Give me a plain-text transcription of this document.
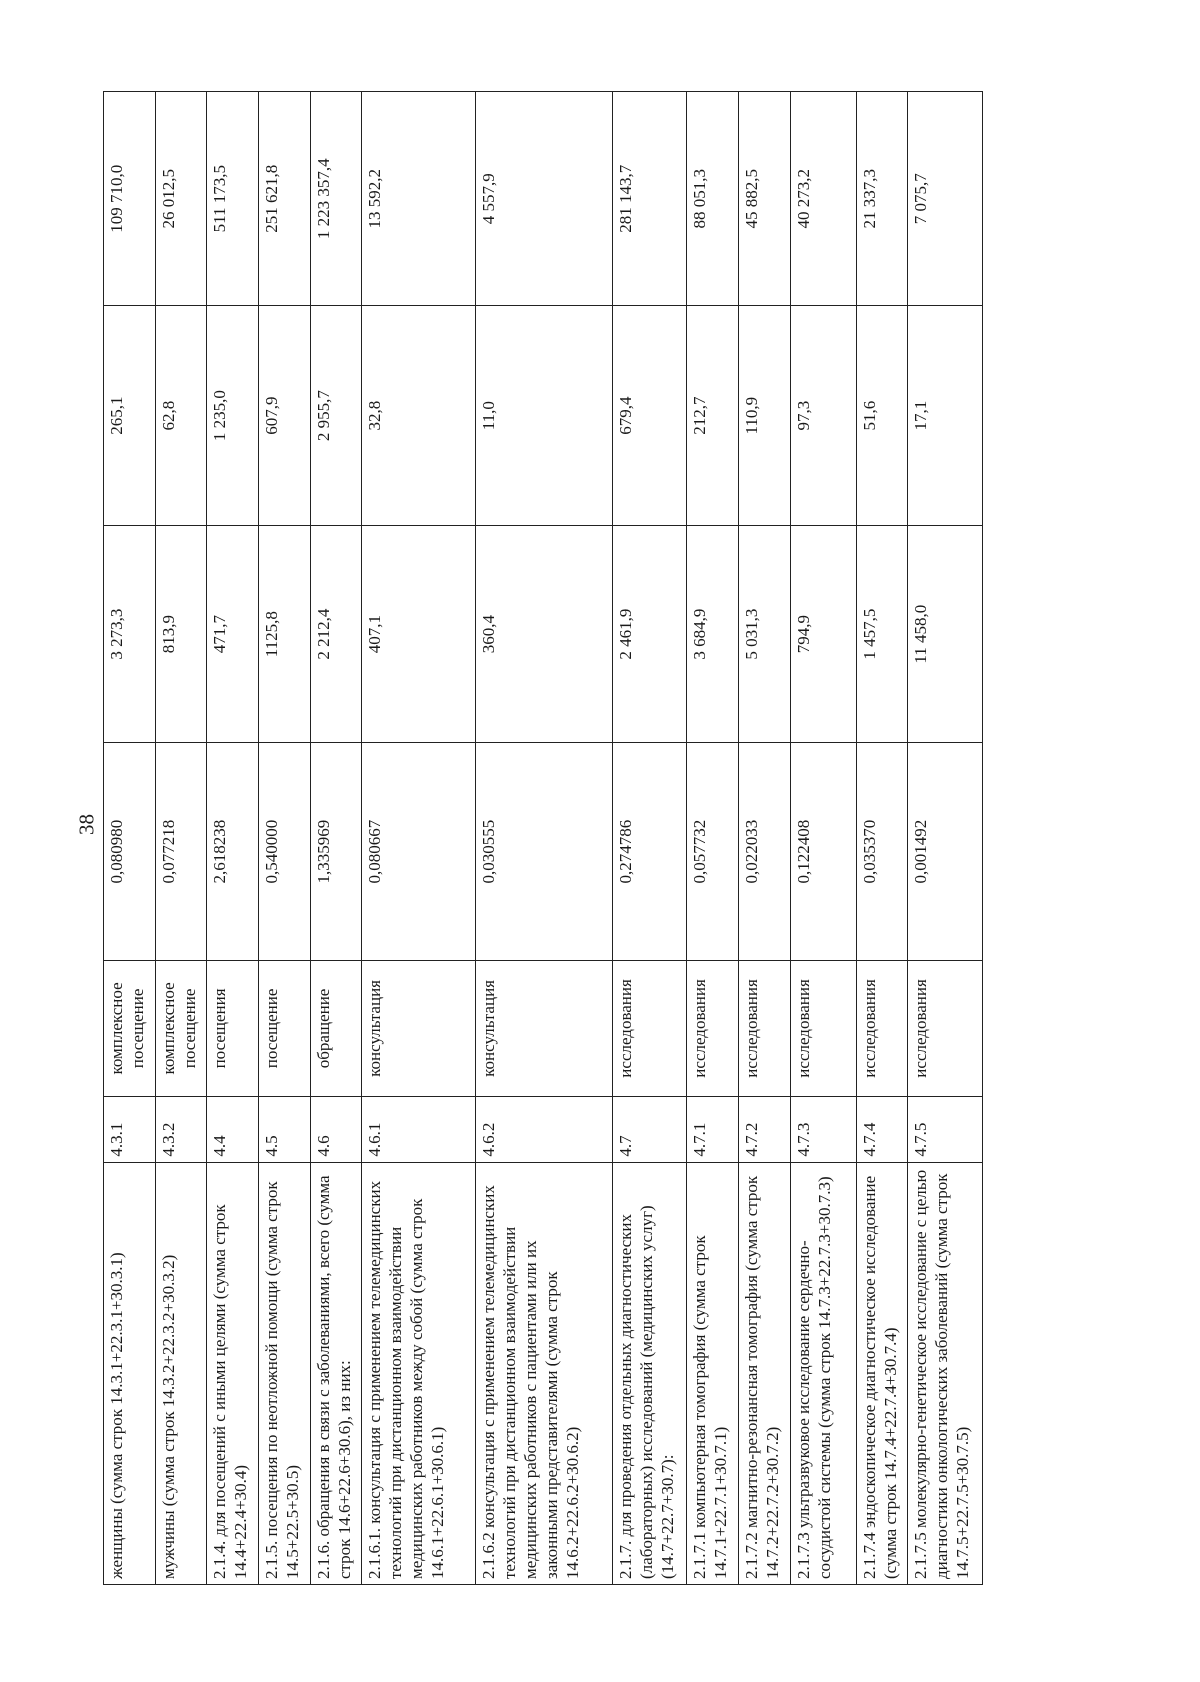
38
женщины (сумма строк 14.3.1+22.3.1+30.3.1)	4.3.1	комплексное посещение	0,080980	3 273,3	265,1	109 710,0
мужчины (сумма строк 14.3.2+22.3.2+30.3.2)	4.3.2	комплексное посещение	0,077218	813,9	62,8	26 012,5
2.1.4. для посещений с иными целями (сумма строк 14.4+22.4+30.4)	4.4	посещения	2,618238	471,7	1 235,0	511 173,5
2.1.5. посещения по неотложной помощи (сумма строк 14.5+22.5+30.5)	4.5	посещение	0,540000	1125,8	607,9	251 621,8
2.1.6. обращения в связи с заболеваниями, всего (сумма строк 14.6+22.6+30.6), из них:	4.6	обращение	1,335969	2 212,4	2 955,7	1 223 357,4
2.1.6.1. консультация с применением телемедицинских технологий при дистанционном взаимодействии медицинских работников между собой (сумма строк 14.6.1+22.6.1+30.6.1)	4.6.1	консультация	0,080667	407,1	32,8	13 592,2
2.1.6.2 консультация с применением телемедицинских технологий при дистанционном взаимодействии медицинских работников с пациентами или их законными представителями (сумма строк 14.6.2+22.6.2+30.6.2)	4.6.2	консультация	0,030555	360,4	11,0	4 557,9
2.1.7. для проведения отдельных диагностических (лабораторных) исследований (медицинских услуг)(14.7+22.7+30.7):	4.7	исследования	0,274786	2 461,9	679,4	281 143,7
2.1.7.1 компьютерная томография (сумма строк 14.7.1+22.7.1+30.7.1)	4.7.1	исследования	0,057732	3 684,9	212,7	88 051,3
2.1.7.2 магнитно-резонансная томография (сумма строк 14.7.2+22.7.2+30.7.2)	4.7.2	исследования	0,022033	5 031,3	110,9	45 882,5
2.1.7.3 ультразвуковое исследование сердечно-сосудистой системы (сумма строк 14.7.3+22.7.3+30.7.3)	4.7.3	исследования	0,122408	794,9	97,3	40 273,2
2.1.7.4 эндоскопическое диагностическое исследование (сумма строк 14.7.4+22.7.4+30.7.4)	4.7.4	исследования	0,035370	1 457,5	51,6	21 337,3
2.1.7.5 молекулярно-генетическое исследование с целью диагностики онкологических заболеваний (сумма строк 14.7.5+22.7.5+30.7.5)	4.7.5	исследования	0,001492	11 458,0	17,1	7 075,7
